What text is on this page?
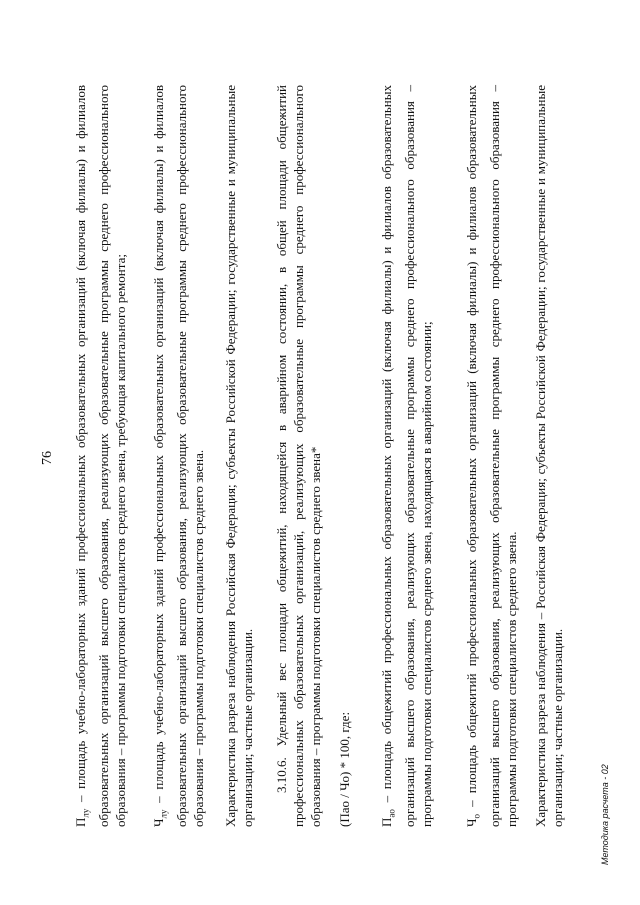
76

$П_{лу}$ – площадь учебно-лабораторных зданий профессиональных образовательных организаций (включая филиалы) и филиалов образовательных организаций высшего образования, реализующих образовательные программы среднего профессионального образования – программы подготовки специалистов среднего звена, требующая капитального ремонта; $Ч_{лу}$ – площадь учебно-лабораторных зданий профессиональных образовательных организаций (включая филиалы) и филиалов образовательных организаций высшего образования, реализующих образовательные программы среднего профессионального образования – программы подготовки специалистов среднего звена. Характеристика разреза наблюдения Российская Федерация; субъекты Российской Федерации; государственные и муниципальные организации; частные организации. 3.10.6. Удельный вес площади общежитий, находящейся в аварийном состоянии, в общей площади общежитий профессиональных образовательных организаций, реализующих образовательные программы среднего профессионального образования – программы подготовки специалистов среднего звена* (Пао / Чо) * 100, где: $П_{ао}$ – площадь общежитий профессиональных образовательных организаций (включая филиалы) и филиалов образовательных организаций высшего образования, реализующих образовательные программы среднего профессионального образования – программы подготовки специалистов среднего звена, находящаяся в аварийном состоянии; $Ч_о$ – площадь общежитий профессиональных образовательных организаций (включая филиалы) и филиалов образовательных организаций высшего образования, реализующих образовательные программы среднего профессионального образования – программы подготовки специалистов среднего звена. Характеристика разреза наблюдения – Российская Федерация; субъекты Российской Федерации; государственные и муниципальные организации; частные организации.	Методика расчета - 02
